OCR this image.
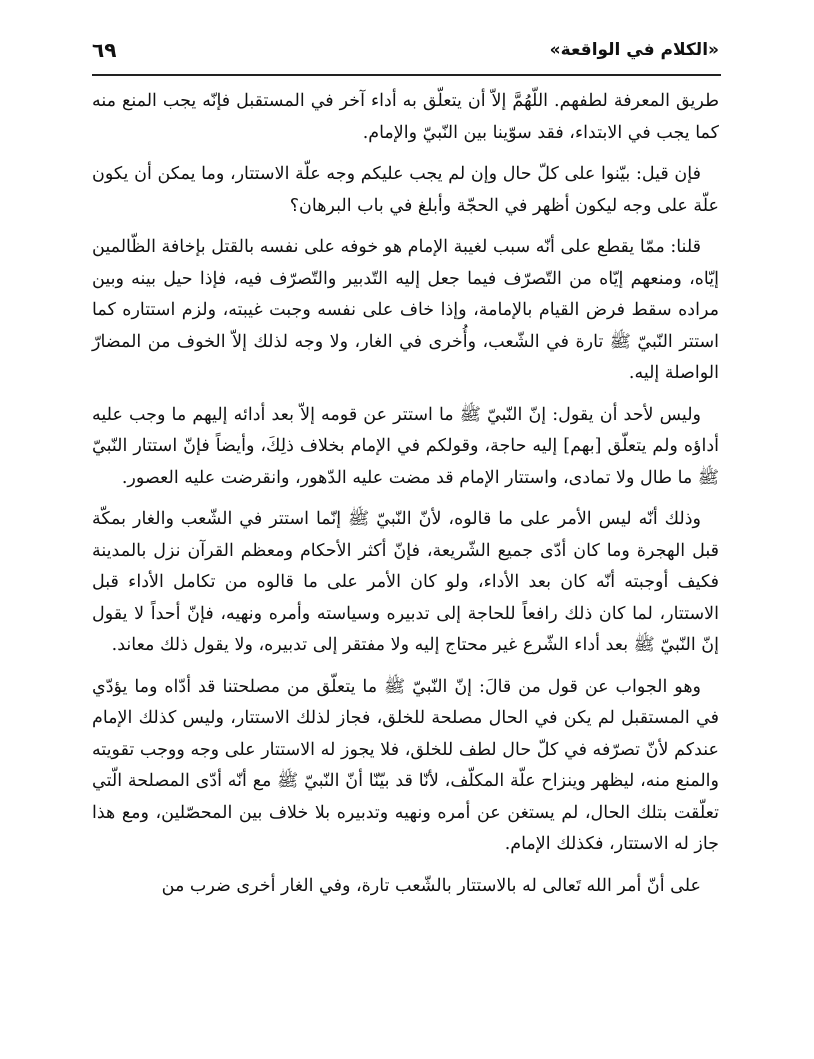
«الكلام في الواقعة»
٦٩

طريق المعرفة لطفهم. اللّهُمَّ إلاّ أن يتعلّق به أداء آخر في المستقبل فإنّه يجب المنع منه كما يجب في الابتداء، فقد سوّينا بين النّبيّ والإمام.

فإن قيل: بيّنوا على كلّ حال وإن لم يجب عليكم وجه علّة الاستتار، وما يمكن أن يكون علّة على وجه ليكون أظهر في الحجّة وأبلغ في باب البرهان؟

قلنا: ممّا يقطع على أنّه سبب لغيبة الإمام هو خوفه على نفسه بالقتل بإخافة الظّالمين إيّاه، ومنعهم إيّاه من التّصرّف فيما جعل إليه التّدبير والتّصرّف فيه، فإذا حيل بينه وبين مراده سقط فرض القيام بالإمامة، وإذا خاف على نفسه وجبت غيبته، ولزم استتاره كما استتر النّبيّ ﷺ تارة في الشّعب، وأُخرى في الغار، ولا وجه لذلك إلاّ الخوف من المضارّ الواصلة إليه.

وليس لأحد أن يقول: إنّ النّبيّ ﷺ ما استتر عن قومه إلاّ بعد أدائه إليهم ما وجب عليه أداؤه ولم يتعلّق [بهم] إليه حاجة، وقولكم في الإمام بخلاف ذلِكَ، وأيضاً فإنّ استتار النّبيّ ﷺ ما طال ولا تمادى، واستتار الإمام قد مضت عليه الدّهور، وانقرضت عليه العصور.

وذلك أنّه ليس الأمر على ما قالوه، لأنّ النّبيّ ﷺ إنّما استتر في الشّعب والغار بمكّة قبل الهجرة وما كان أدّى جميع الشّريعة، فإنّ أكثر الأحكام ومعظم القرآن نزل بالمدينة فكيف أوجبته أنّه كان بعد الأداء، ولو كان الأمر على ما قالوه من تكامل الأداء قبل الاستتار، لما كان ذلك رافعاً للحاجة إلى تدبيره وسياسته وأمره ونهيه، فإنّ أحداً لا يقول إنّ النّبيّ ﷺ بعد أداء الشّرع غير محتاج إليه ولا مفتقر إلى تدبيره، ولا يقول ذلك معاند.

وهو الجواب عن قول من قالَ: إنّ النّبيّ ﷺ ما يتعلّق من مصلحتنا قد أدّاه وما يؤدّي في المستقبل لم يكن في الحال مصلحة للخلق، فجاز لذلك الاستتار، وليس كذلك الإمام عندكم لأنّ تصرّفه في كلّ حال لطف للخلق، فلا يجوز له الاستتار على وجه ووجب تقويته والمنع منه، ليظهر وينزاح علّة المكلّف، لأنّا قد بيّنّا أنّ النّبيّ ﷺ مع أنّه أدّى المصلحة الّتي تعلّقت بتلك الحال، لم يستغن عن أمره ونهيه وتدبيره بلا خلاف بين المحصّلين، ومع هذا جاز له الاستتار، فكذلك الإمام.

على أنّ أمر الله تَعالى له بالاستتار بالشّعب تارة، وفي الغار أخرى ضرب من
